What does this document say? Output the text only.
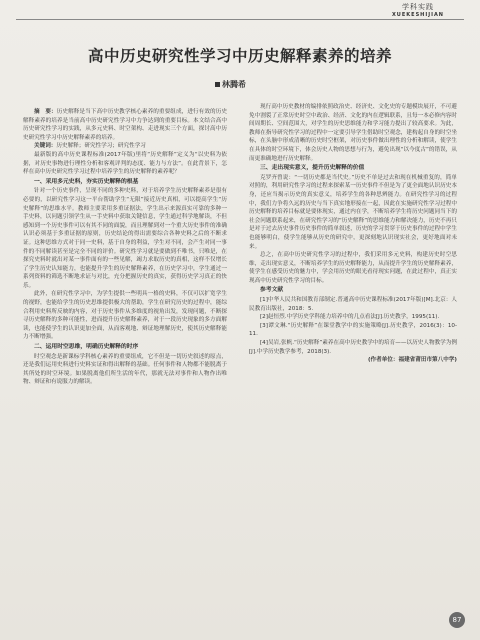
学科实践
XUEKESHIJIAN
高中历史研究性学习中历史解释素养的培养
林腾希

摘　要：历史解释是当下高中历史教学核心素养的重要组成，进行有效的历史解释素养的培养是当前高中历史研究性学习中力争达到的重要目标。本文结合高中历史研究性学习的实践，从多元史料、时空架构、走进现实三个方面，探讨高中历史研究性学习中历史解释素养的培养。

关键词：历史解释；研究性学习；研究性学习

最新版的高中历史课程标准(2017年版)里将“历史解释”定义为“以史料为依据，对历史事物进行理性分析和客观评判的态度、能力与方法”。在此背景下，怎样在高中历史研究性学习过程中培养学生的历史解释的素养呢？

一、采用多元史料，夯实历史解释的根基

针对一个历史事件，呈现不同的多种史料，对于培养学生历史解释素养是很有必要的，以研究性学习这一平台帮助学生“无限”接近历史真相，可以提高学生“历史解释”的思维水平。教师主要采用多重证据法，学生出示来源真实可靠的多种一手史料，以问题引领学生从一手史料中获取关键信息，学生通过科学地解读，不但感知到一个历史事件可以有其不同的面貌，而且理解到对一个重大历史事件的准确认识必须基于多重证据的原则，历史结论的得出需要综合各种史料之后的不断求证。这种思维方式对于同一史料，基于自身的利益，学生对不同，会产生对同一事件的不同解读甚至是完全不同的评价。研究性学习就是要做到不唯书，只唯是，在探究史料时就出对某一事件面有的一些见解，竭力求取历史的真相，这样不仅增长了学生历史认知能力，也能提升学生的历史解释素养，在历史学习中，学生通过一系列资料的筛选不断地求证与对比，充分把握历史的真实，获得历史学习真正的快乐。

此外，在研究性学习中，为学生提供一些明具一格的史料，不仅可以扩宽学生的视野，也能给学生的历史思维提供极大的帮助，学生在研究历史的过程中，能综合利用史料所反映的内容，对于历史事件从多维度的视角出发，发现问题，不断探寻历史解释的多种可能性，进而提升历史解释素养，对于一段历史现象的多方面解读，也能使学生的认识更加全面，从而客观地、辩证地理解历史，使其历史解释能力不断增强。

二、运用时空思维，明确历史解释的时序

时空观念是新课标学科核心素养的重要组成，它不但是一切历史叙述的原点，还是我们运用史料进行史料实证和得出解释的基础。任何事件和人物都不能脱离于其所处的时空环境。如果脱离他们所生活的年代，那就无法对事件和人物作出唯物、辩证和有说服力的解读。

现行高中历史教材的编排依照政治史、经济史、文化史的专题模块展开，不可避免中割裂了正常历史时空中政治、经济、文化的内在逻辑联系，且每一本必修内容时间周期长、空间范围大，对学生的历史思维能力和学习能力提出了较高要求。为此，教师在指导研究性学习的过程中一定要引导学生借助时空观念，建构起自身的时空坐标，在头脑中形成清晰的历史时空框架，对历史事件做出理性的分析和解读，使学生在具体的时空环境下，体会历史人物的思想与行为，避免出现“以今度古”的错误，从而更准确地进行历史解释。

三、走出现实意义，提升历史解释的价值

克罗齐曾说：“一切历史都是当代史。”历史不单是过去和现在机械重复的，简单对照的，利用研究性学习的过程来探索某一历史事件不但是为了更全面地认识历史本身，还应当揭示历史的真实意义，培养学生的各种思辨能力。在研究性学习的过程中，我们力争将久远的历史与当下真实地形接在一起，因此在实施研究性学习过程中历史解释的培养目标就是要体现实，通过内在学，不断培养学生将历史问题同当下的社会问题联系起来，在研究性学习的“历史解释”的思维能力和解决能力，历史不再只是对于过去历史事件历史事件的简单叙述，历史的学习贯穿于历史事件的过程中学生也能够明白，使学生能够从历史的研究中，更深刻地认识现实社会，更好地面对未来。

总之，在高中历史研究性学习的过程中，我们采用多元史料，构建历史时空思维，走出现实意义，不断培养学生的历史解释能力，从而提升学生的历史解释素养，使学生在感受历史的魅力中，学会用历史的眼光看待现实问题，在此过程中，真正实现高中历史研究性学习的目标。

参考文献

[1]中华人民共和国教育部制定.普通高中历史课程标准(2017年版)[M].北京：人民教育出版社，2018：5.

[2]赵恒烈.中学历史学科能力培养中的几点看法[J].历史教学，1995(11).

[3]谭文琳.“历史解释”在课堂教学中的实施策略[J].历史教学，2016(3)：10-11.

[4]吴岩,张帆.“历史解释”素养在高中历史教学中的培育——以历史人物教学为例[J].中学历史教学参考，2018(3).

(作者单位：福建省莆田市第八中学)

87
